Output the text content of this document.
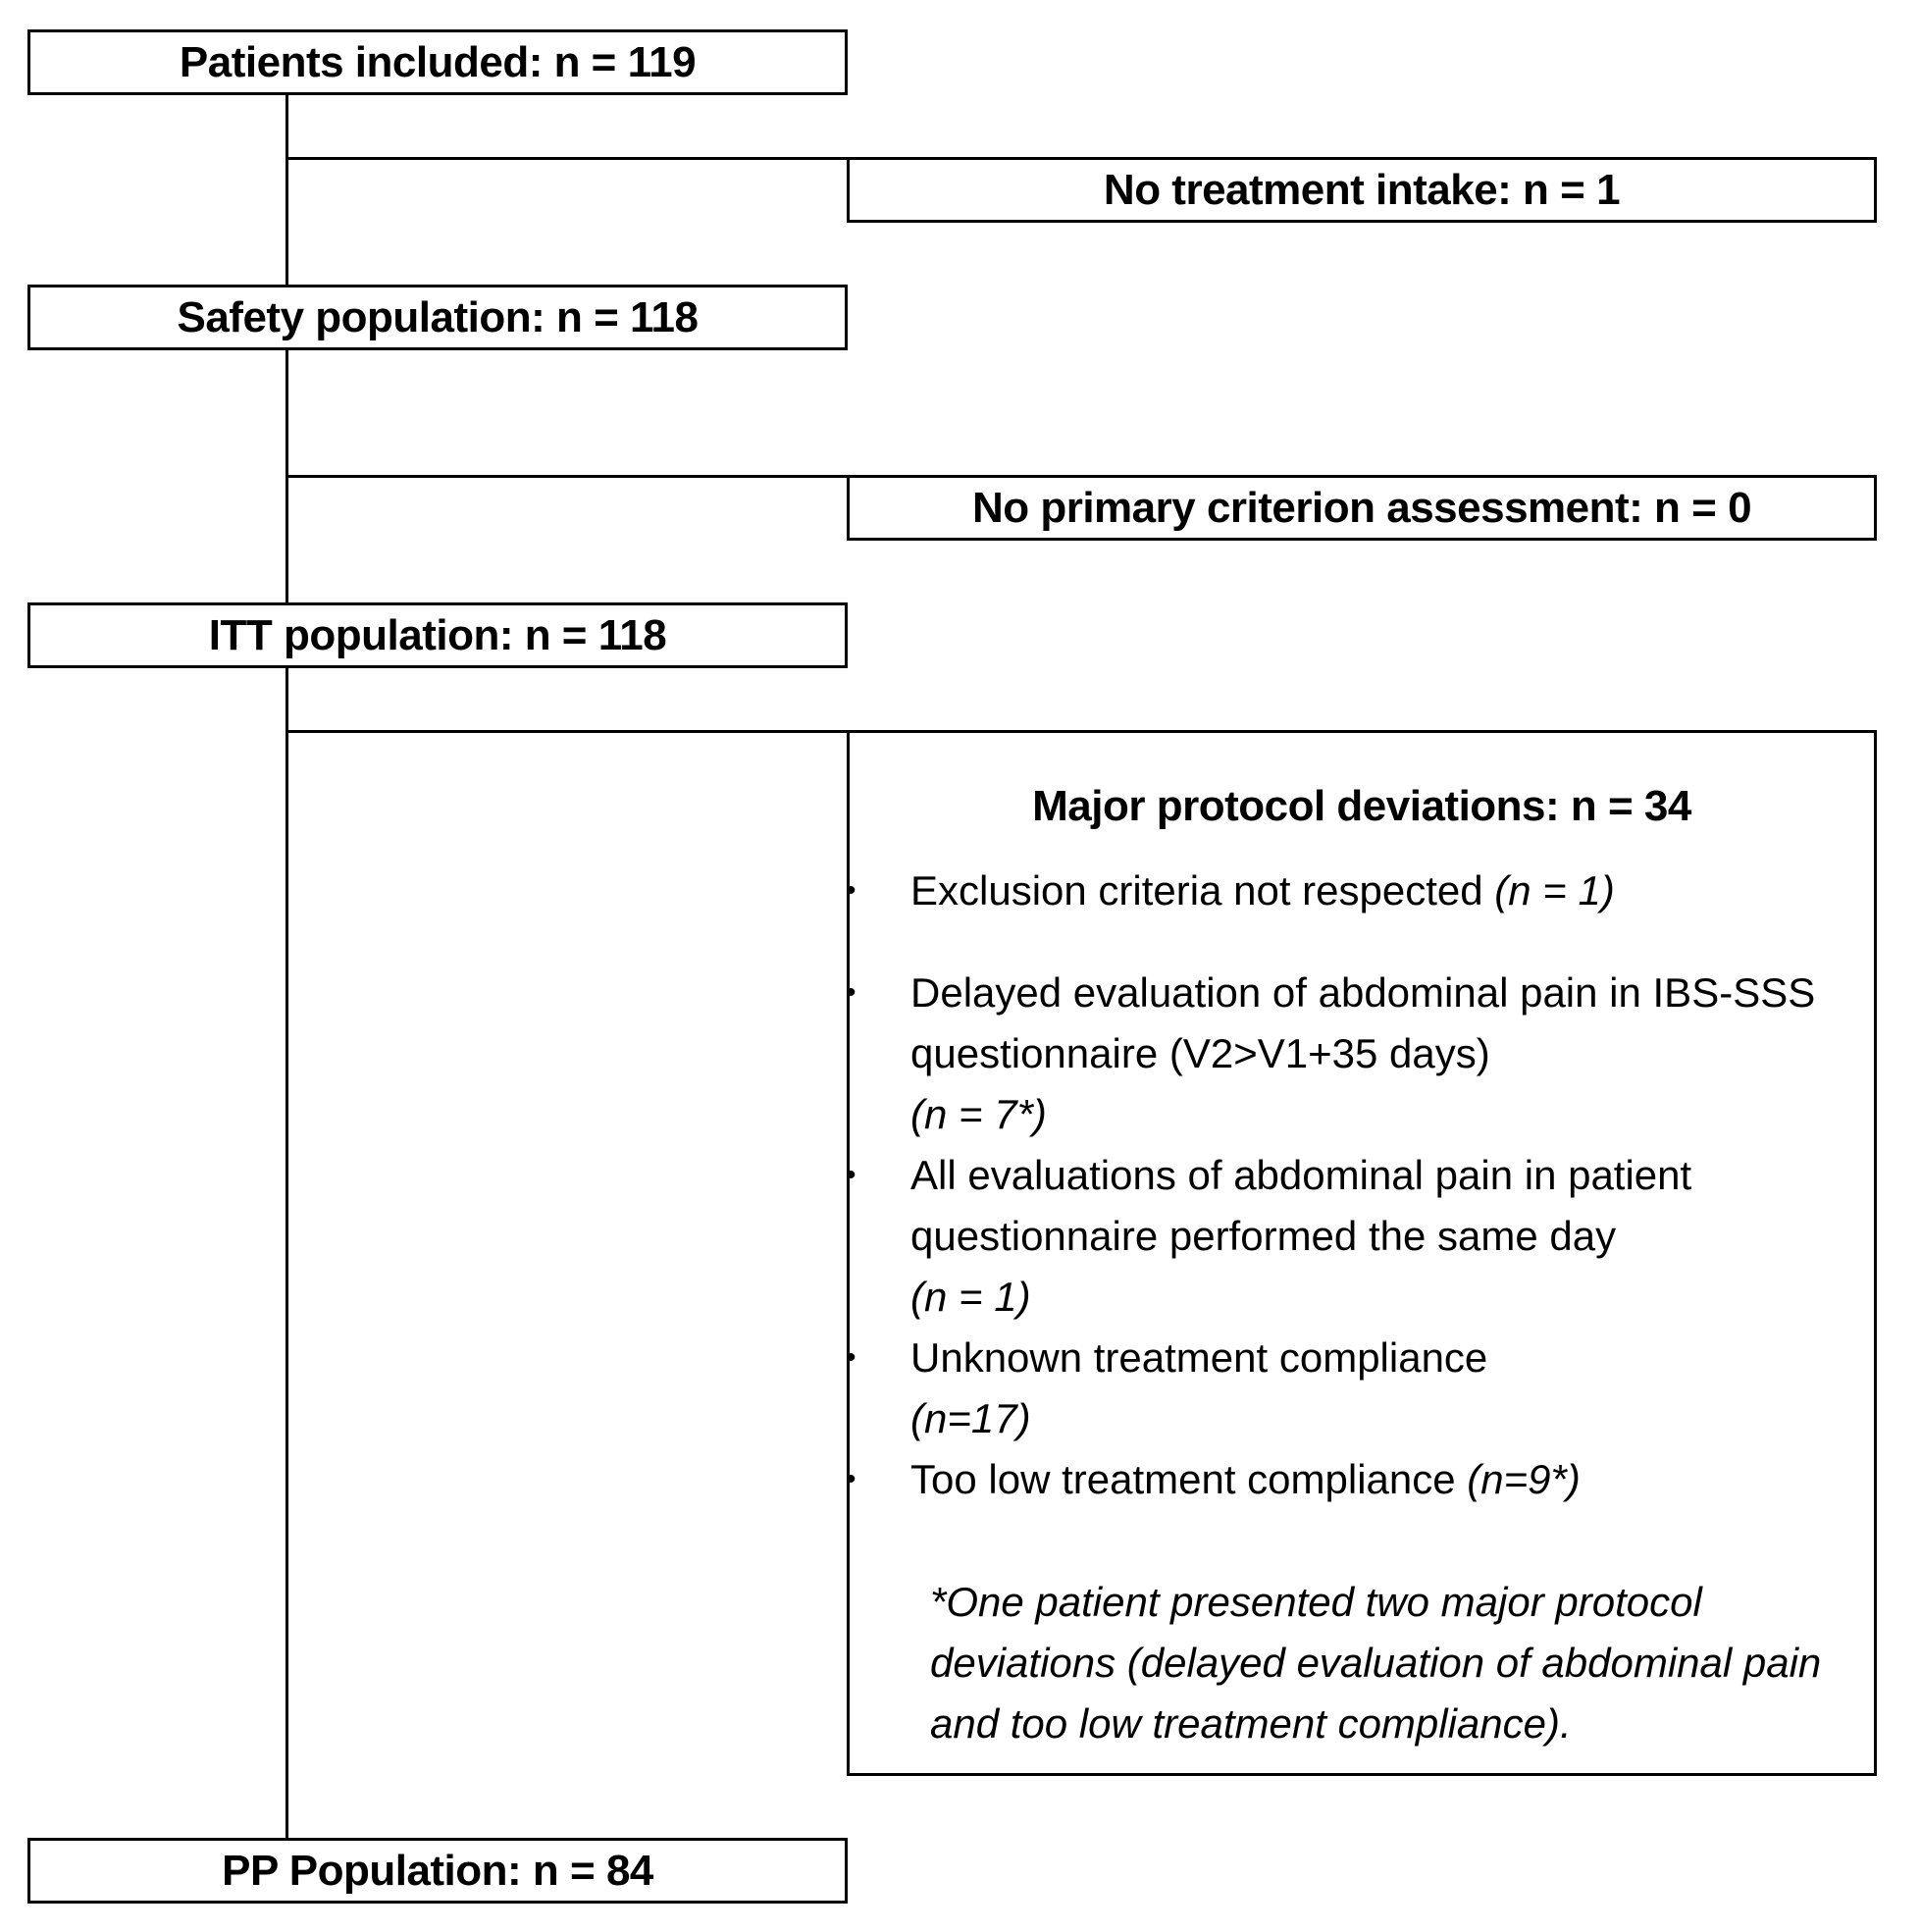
Patients included: n = 119
No treatment intake: n = 1
Safety population: n = 118
No primary criterion assessment: n = 0
ITT population: n = 118
Major protocol deviations: n = 34
• Exclusion criteria not respected (n = 1)
• Delayed evaluation of abdominal pain in IBS-SSS questionnaire (V2>V1+35 days)
(n = 7*)
• All evaluations of abdominal pain in patient questionnaire performed the same day
(n = 1)
• Unknown treatment compliance
(n=17)
• Too low treatment compliance (n=9*)
*One patient presented two major protocol deviations (delayed evaluation of abdominal pain and too low treatment compliance).
PP Population: n = 84
